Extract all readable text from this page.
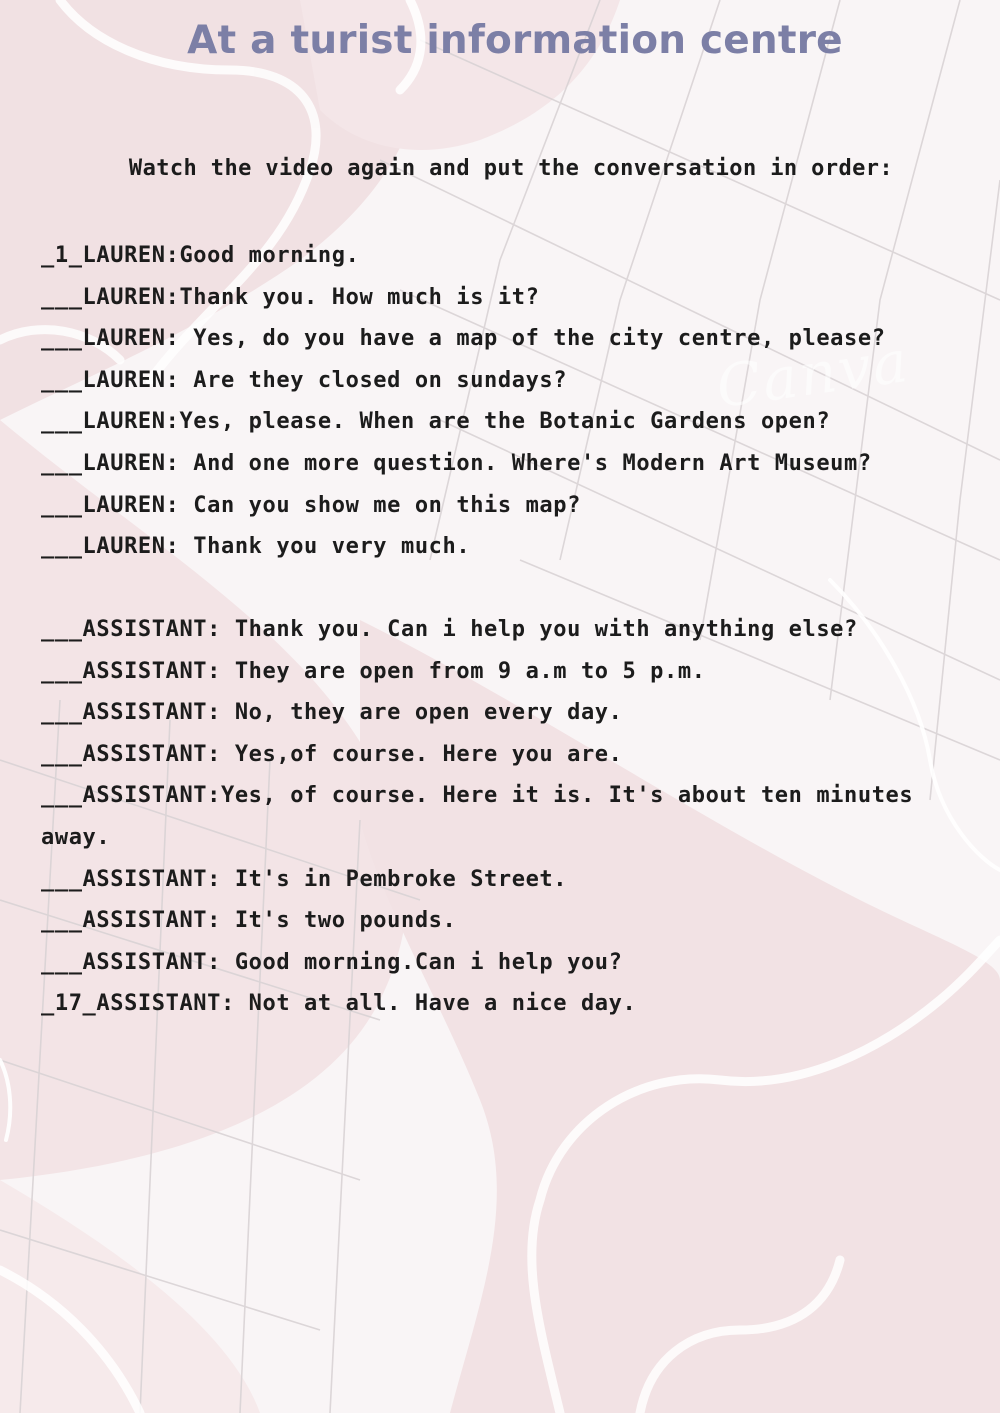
Canva
At a turist information centre
Watch the video again and put the conversation in order:
_1_LAUREN:Good morning.
___LAUREN:Thank you. How much is it?
___LAUREN: Yes, do you have a map of the city centre, please?
___LAUREN: Are they closed on sundays?
___LAUREN:Yes, please. When are the Botanic Gardens open?
___LAUREN: And one more question. Where's Modern Art Museum?
___LAUREN: Can you show me on this map?
___LAUREN: Thank you very much.
___ASSISTANT: Thank you. Can i help you with anything else?
___ASSISTANT: They are open from 9 a.m to 5 p.m.
___ASSISTANT: No, they are open every day.
___ASSISTANT: Yes,of course. Here you are.
___ASSISTANT:Yes, of course. Here it is. It's about ten minutes away.
___ASSISTANT: It's in Pembroke Street.
___ASSISTANT: It's two pounds.
___ASSISTANT: Good morning.Can i help you?
_17_ASSISTANT: Not at all. Have a nice day.
